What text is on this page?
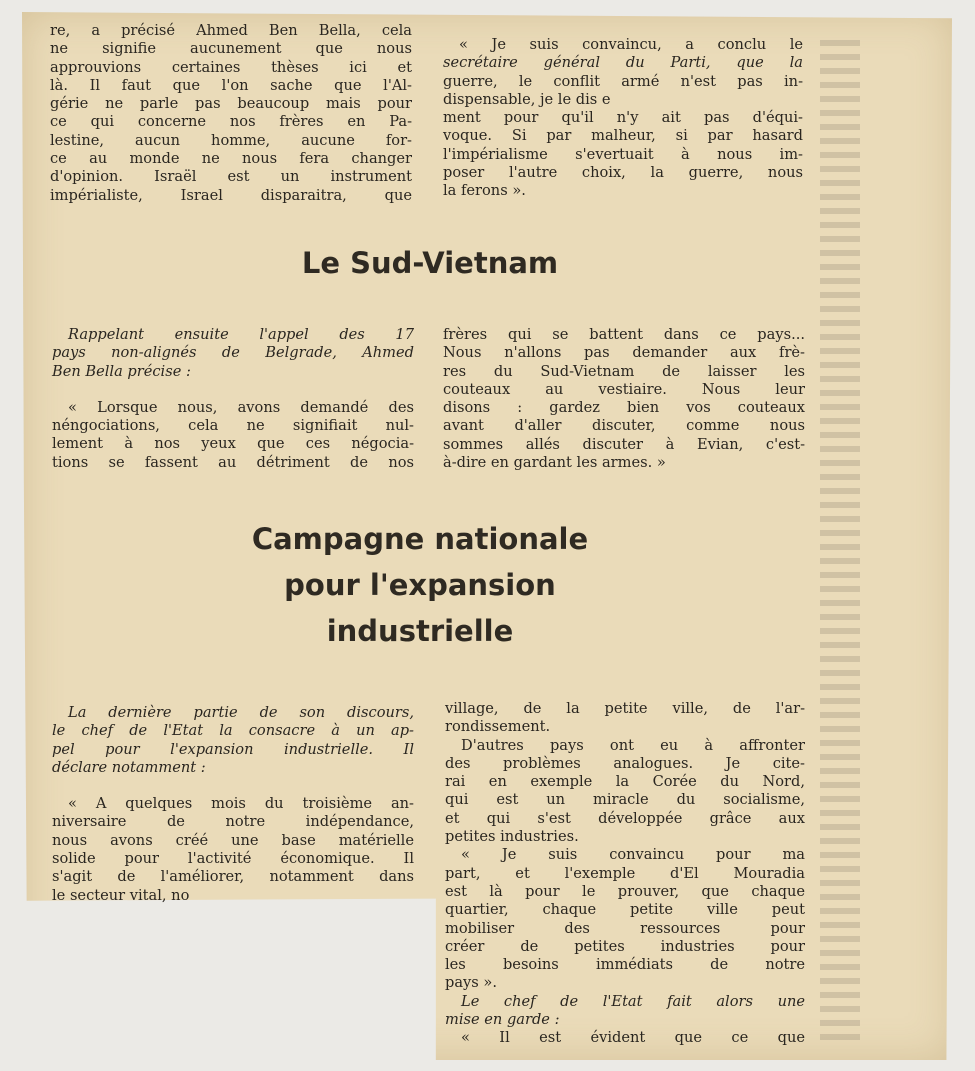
re, a précisé Ahmed Ben Bella, cela

ne signifie aucunement que nous

approuvions certaines thèses ici et

là. Il faut que l'on sache que l'Al-

gérie ne parle pas beaucoup mais pour

ce qui concerne nos frères en Pa-

lestine, aucun homme, aucune for-

ce au monde ne nous fera changer

d'opinion. Israël est un instrument

impérialiste, Israel disparaitra, que

« Je suis convaincu, a conclu le

secrétaire général du Parti, que la

guerre, le conflit armé n'est pas in-

dispensable, je le dis e

ment pour qu'il n'y ait pas d'équi-

voque. Si par malheur, si par hasard

l'impérialisme s'evertuait à nous im-

poser l'autre choix, la guerre, nous

la ferons ».

Le Sud-Vietnam

Rappelant ensuite l'appel des 17

pays non-alignés de Belgrade, Ahmed

Ben Bella précise :

« Lorsque nous, avons demandé des

néngociations, cela ne signifiait nul-

lement à nos yeux que ces négocia-

tions se fassent au détriment de nos

frères qui se battent dans ce pays...

Nous n'allons pas demander aux frè-

res du Sud-Vietnam de laisser les

couteaux au vestiaire. Nous leur

disons : gardez bien vos couteaux

avant d'aller discuter, comme nous

sommes allés discuter à Evian, c'est-

à-dire en gardant les armes. »

Campagne nationale
pour l'expansion
industrielle

La dernière partie de son discours,

le chef de l'Etat la consacre à un ap-

pel pour l'expansion industrielle. Il

déclare notamment :

« A quelques mois du troisième an-

niversaire de notre indépendance,

nous avons créé une base matérielle

solide pour l'activité économique. Il

s'agit de l'améliorer, notamment dans

le secteur vital, no

village, de la petite ville, de l'ar-

rondissement.

D'autres pays ont eu à affronter

des problèmes analogues. Je cite-

rai en exemple la Corée du Nord,

qui est un miracle du socialisme,

et qui s'est développée grâce aux

petites industries.

« Je suis convaincu pour ma

part, et l'exemple d'El Mouradia

est là pour le prouver, que chaque

quartier, chaque petite ville peut

mobiliser des ressources pour

créer de petites industries pour

les besoins immédiats de notre

pays ».

Le chef de l'Etat fait alors une

mise en garde :

« Il est évident que ce que
